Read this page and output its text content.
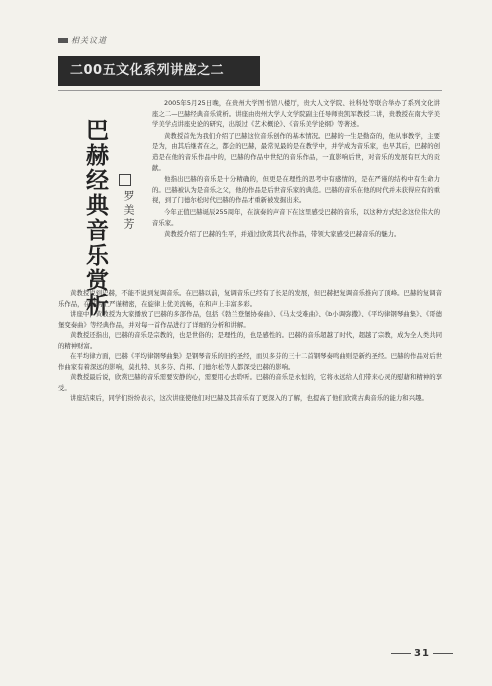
相关议道
二00五文化系列讲座之二
巴赫经典音乐赏析 罗美芳

2005年5月25日晚，在贵州大学图书馆八楼厅，贵大人文学院、社科处等联合举办了系列文化讲座之二—巴赫经典音乐赏析。讲座由贵州大学人文学院副主任导师贵凯军教授二讲，贵教授在南大学美学美学点讲座史论的研究，出版过《艺术概论》、《音乐美学论纲》等著述。

黄教授首先为我们介绍了巴赫这位音乐创作的基本情况。巴赫的一生是勤奋的，他从事教学，主要是为，由其后继者在之，都会的巴赫，最常见最的是在教学中，并学成为音乐家，也早其后，巴赫的创造是在他的音乐作品中的，巴赫的作品中世纪的音乐作品，一直影响后世，对音乐的发展有巨大的贡献。

他指出巴赫的音乐是十分精确的，但更是在理性的思考中有感情的，是在严谨的结构中有生命力的。巴赫被认为是音乐之父，他的作品是后世音乐家的典范。巴赫的音乐在他的时代并未获得应有的重视，到了门德尔松时代巴赫的作品才重新被发掘出来。

今年正值巴赫诞辰255周年，在演奏的声音下在这里感受巴赫的音乐，以这种方式纪念这位伟大的音乐家。

黄教授介绍了巴赫的生平，并通过欣赏其代表作品，带领大家感受巴赫音乐的魅力。

黄教授说到巴赫，不能不说到复调音乐。在巴赫以前，复调音乐已经有了长足的发展，但巴赫把复调音乐推向了顶峰。巴赫的复调音乐作品，在结构上严谨精密，在旋律上优美流畅，在和声上丰富多彩。

讲座中，黄教授为大家播放了巴赫的多部作品，包括《勃兰登堡协奏曲》、《马太受难曲》、《b小调弥撒》、《平均律钢琴曲集》、《哥德堡变奏曲》等经典作品，并对每一首作品进行了详细的分析和讲解。

黄教授还指出，巴赫的音乐是宗教的，也是世俗的；是理性的，也是感性的。巴赫的音乐超越了时代，超越了宗教，成为全人类共同的精神财富。

在平均律方面，巴赫《平均律钢琴曲集》是钢琴音乐的旧约圣经，而贝多芬的三十二首钢琴奏鸣曲则是新约圣经。巴赫的作品对后世作曲家有着深远的影响，莫扎特、贝多芬、肖邦、门德尔松等人都深受巴赫的影响。

黄教授最后说，欣赏巴赫的音乐需要安静的心，需要用心去聆听。巴赫的音乐是永恒的，它将永远给人们带来心灵的慰藉和精神的享受。

讲座结束后，同学们纷纷表示，这次讲座使他们对巴赫及其音乐有了更深入的了解，也提高了他们欣赏古典音乐的能力和兴趣。

31
